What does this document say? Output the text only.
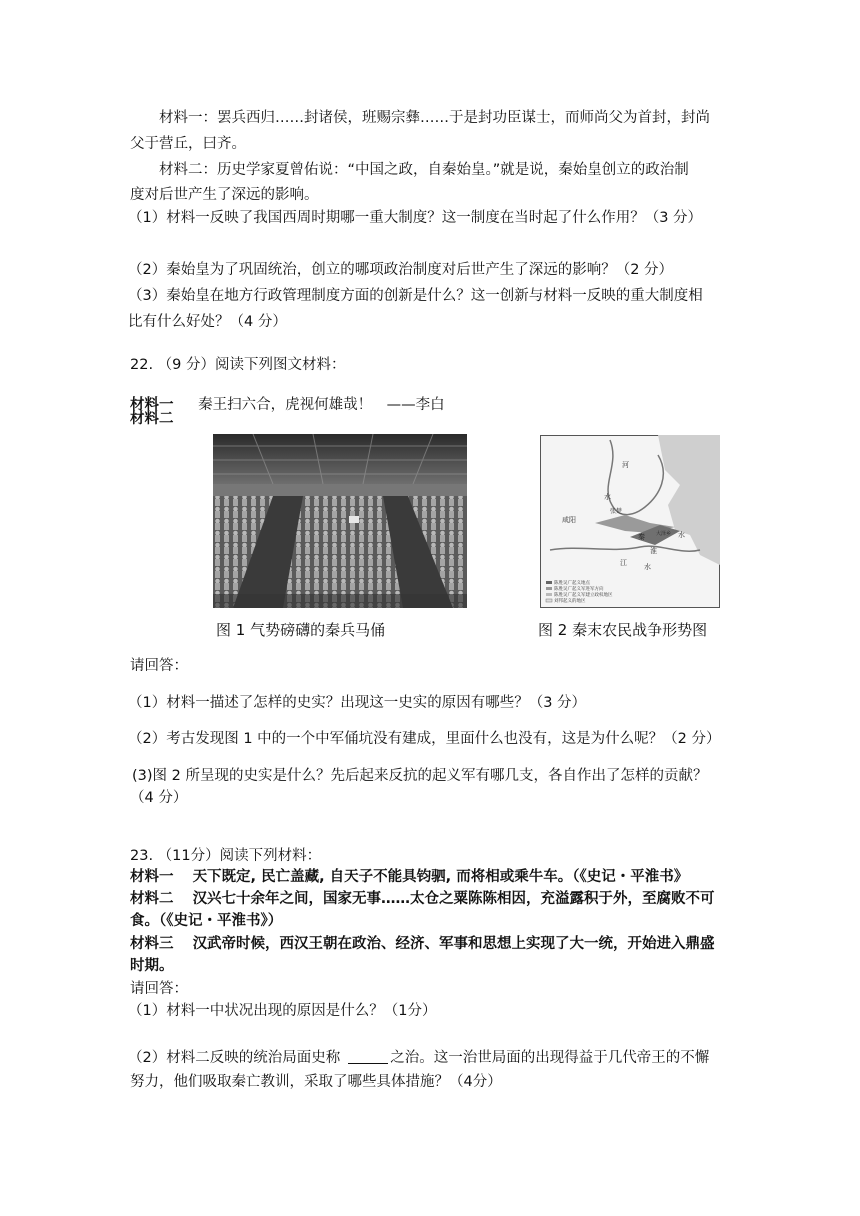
材料一：罢兵西归……封诸侯，班赐宗彝……于是封功臣谋士，而师尚父为首封，封尚
父于营丘，曰齐。
材料二：历史学家夏曾佑说：“中国之政，自秦始皇。”就是说，秦始皇创立的政治制
度对后世产生了深远的影响。
（1）材料一反映了我国西周时期哪一重大制度？这一制度在当时起了什么作用？（3 分）
（2）秦始皇为了巩固统治，创立的哪项政治制度对后世产生了深远的影响？（2 分）
（3）秦始皇在地方行政管理制度方面的创新是什么？这一创新与材料一反映的重大制度相
比有什么好处？（4 分）
22. （9 分）阅读下列图文材料：
材料一 秦王扫六合，虎视何雄哉！　——李白
材料二
河
水
咸阳
张楚
秦 大泽乡 水
淮
江 水
陈胜吴广起义地点
陈胜吴广起义军进军方向
陈胜吴广起义军建立政权地区
刘邦起义的地区
图 1 气势磅礴的秦兵马俑	图 2 秦末农民战争形势图
请回答：
（1）材料一描述了怎样的史实？出现这一史实的原因有哪些？（3 分）
（2）考古发现图 1 中的一个中军俑坑没有建成，里面什么也没有，这是为什么呢？（2 分）
(3)图 2 所呈现的史实是什么？先后起来反抗的起义军有哪几支，各自作出了怎样的贡献？
（4 分）
23. （11分）阅读下列材料：
材料一 天下既定, 民亡盖藏, 自天子不能具钧驷, 而将相或乘牛车。（《史记・平淮书》
材料二 汉兴七十余年之间，国家无事……太仓之粟陈陈相因，充溢露积于外，至腐败不可
食。（《史记・平淮书》）
材料三 汉武帝时候，西汉王朝在政治、经济、军事和思想上实现了大一统，开始进入鼎盛
时期。
请回答：
（1）材料一中状况出现的原因是什么？（1分）
（2）材料二反映的统治局面史称	之治。这一治世局面的出现得益于几代帝王的不懈
努力，他们吸取秦亡教训，采取了哪些具体措施？（4分）
